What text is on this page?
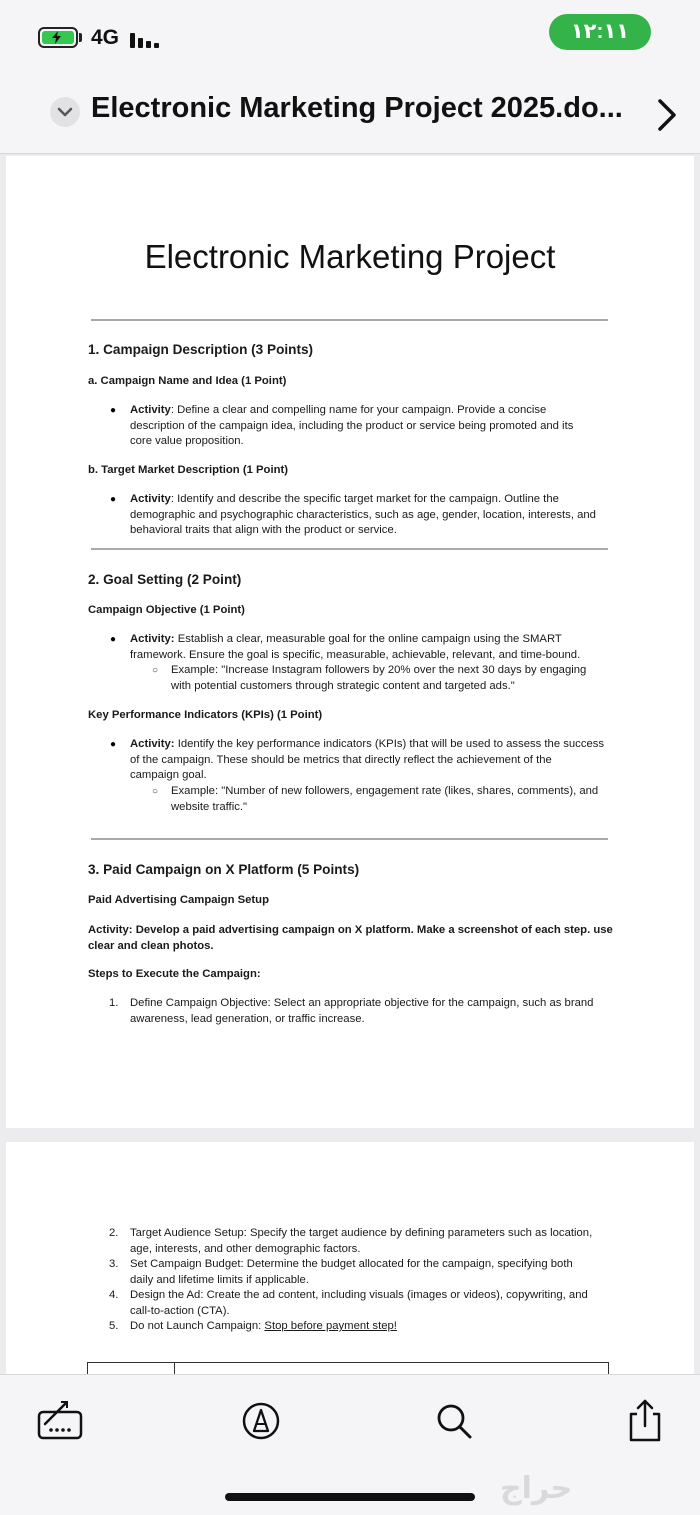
4G	١٢:١١
Electronic Marketing Project 2025.do...
Electronic Marketing Project
1. Campaign Description (3 Points)
a. Campaign Name and Idea (1 Point)
● Activity: Define a clear and compelling name for your campaign. Provide a concise
description of the campaign idea, including the product or service being promoted and its
core value proposition.
b. Target Market Description (1 Point)
● Activity: Identify and describe the specific target market for the campaign. Outline the
demographic and psychographic characteristics, such as age, gender, location, interests, and
behavioral traits that align with the product or service.
2. Goal Setting (2 Point)
Campaign Objective (1 Point)
● Activity: Establish a clear, measurable goal for the online campaign using the SMART
framework. Ensure the goal is specific, measurable, achievable, relevant, and time-bound.
○ Example: "Increase Instagram followers by 20% over the next 30 days by engaging
with potential customers through strategic content and targeted ads."
Key Performance Indicators (KPIs) (1 Point)
● Activity: Identify the key performance indicators (KPIs) that will be used to assess the success
of the campaign. These should be metrics that directly reflect the achievement of the
campaign goal.
○ Example: "Number of new followers, engagement rate (likes, shares, comments), and
website traffic."
3. Paid Campaign on X Platform (5 Points)
Paid Advertising Campaign Setup
Activity: Develop a paid advertising campaign on X platform. Make a screenshot of each step. use
clear and clean photos.
Steps to Execute the Campaign:
1. Define Campaign Objective: Select an appropriate objective for the campaign, such as brand
awareness, lead generation, or traffic increase.
2. Target Audience Setup: Specify the target audience by defining parameters such as location,
age, interests, and other demographic factors.
3. Set Campaign Budget: Determine the budget allocated for the campaign, specifying both
daily and lifetime limits if applicable.
4. Design the Ad: Create the ad content, including visuals (images or videos), copywriting, and
call-to-action (CTA).
5. Do not Launch Campaign: Stop before payment step!
حراج
